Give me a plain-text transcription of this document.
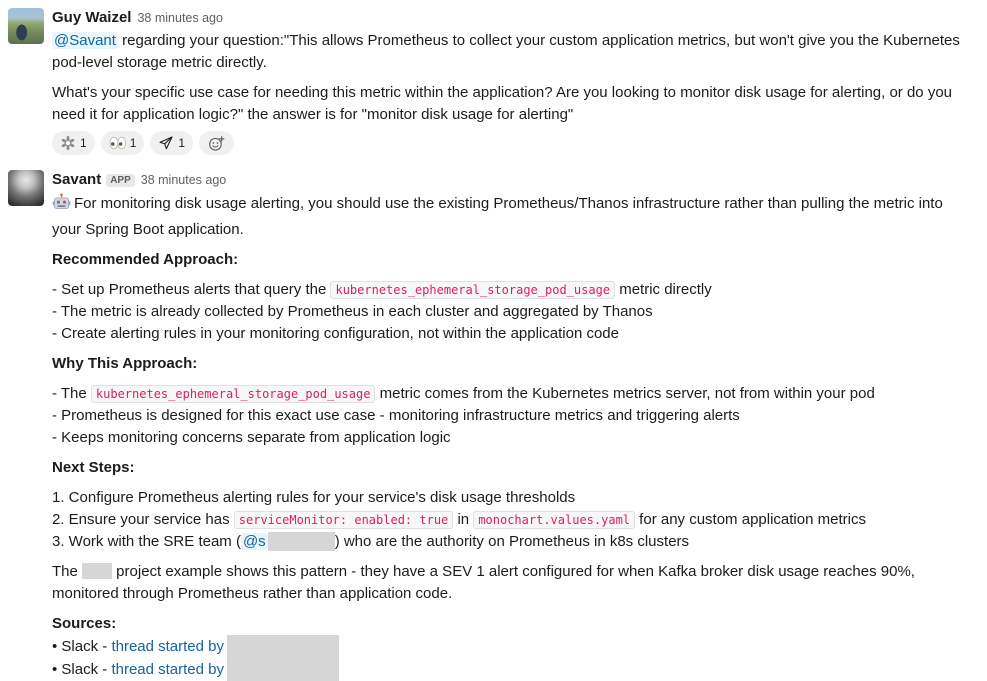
Guy Waizel 38 minutes ago

@Savant regarding your question:"This allows Prometheus to collect your custom application metrics, but won't give you the Kubernetes pod-level storage metric directly.

What's your specific use case for needing this metric within the application? Are you looking to monitor disk usage for alerting, or do you need it for application logic?" the answer is for "monitor disk usage for alerting"

1	1	1
Savant APP 38 minutes ago

For monitoring disk usage alerting, you should use the existing Prometheus/Thanos infrastructure rather than pulling the metric into your Spring Boot application.

Recommended Approach:

- Set up Prometheus alerts that query the kubernetes_ephemeral_storage_pod_usage metric directly
- The metric is already collected by Prometheus in each cluster and aggregated by Thanos
- Create alerting rules in your monitoring configuration, not within the application code

Why This Approach:

- The kubernetes_ephemeral_storage_pod_usage metric comes from the Kubernetes metrics server, not from within your pod
- Prometheus is designed for this exact use case - monitoring infrastructure metrics and triggering alerts
- Keeps monitoring concerns separate from application logic

Next Steps:

1. Configure Prometheus alerting rules for your service's disk usage thresholds
2. Ensure your service has serviceMonitor: enabled: true in monochart.values.yaml for any custom application metrics
3. Work with the SRE team ( @s	) who are the authority on Prometheus in k8s clusters

The  project example shows this pattern - they have a SEV 1 alert configured for when Kafka broker disk usage reaches 90%, monitored through Prometheus rather than application code.

Sources:

• Slack - thread started by
• Slack - thread started by
